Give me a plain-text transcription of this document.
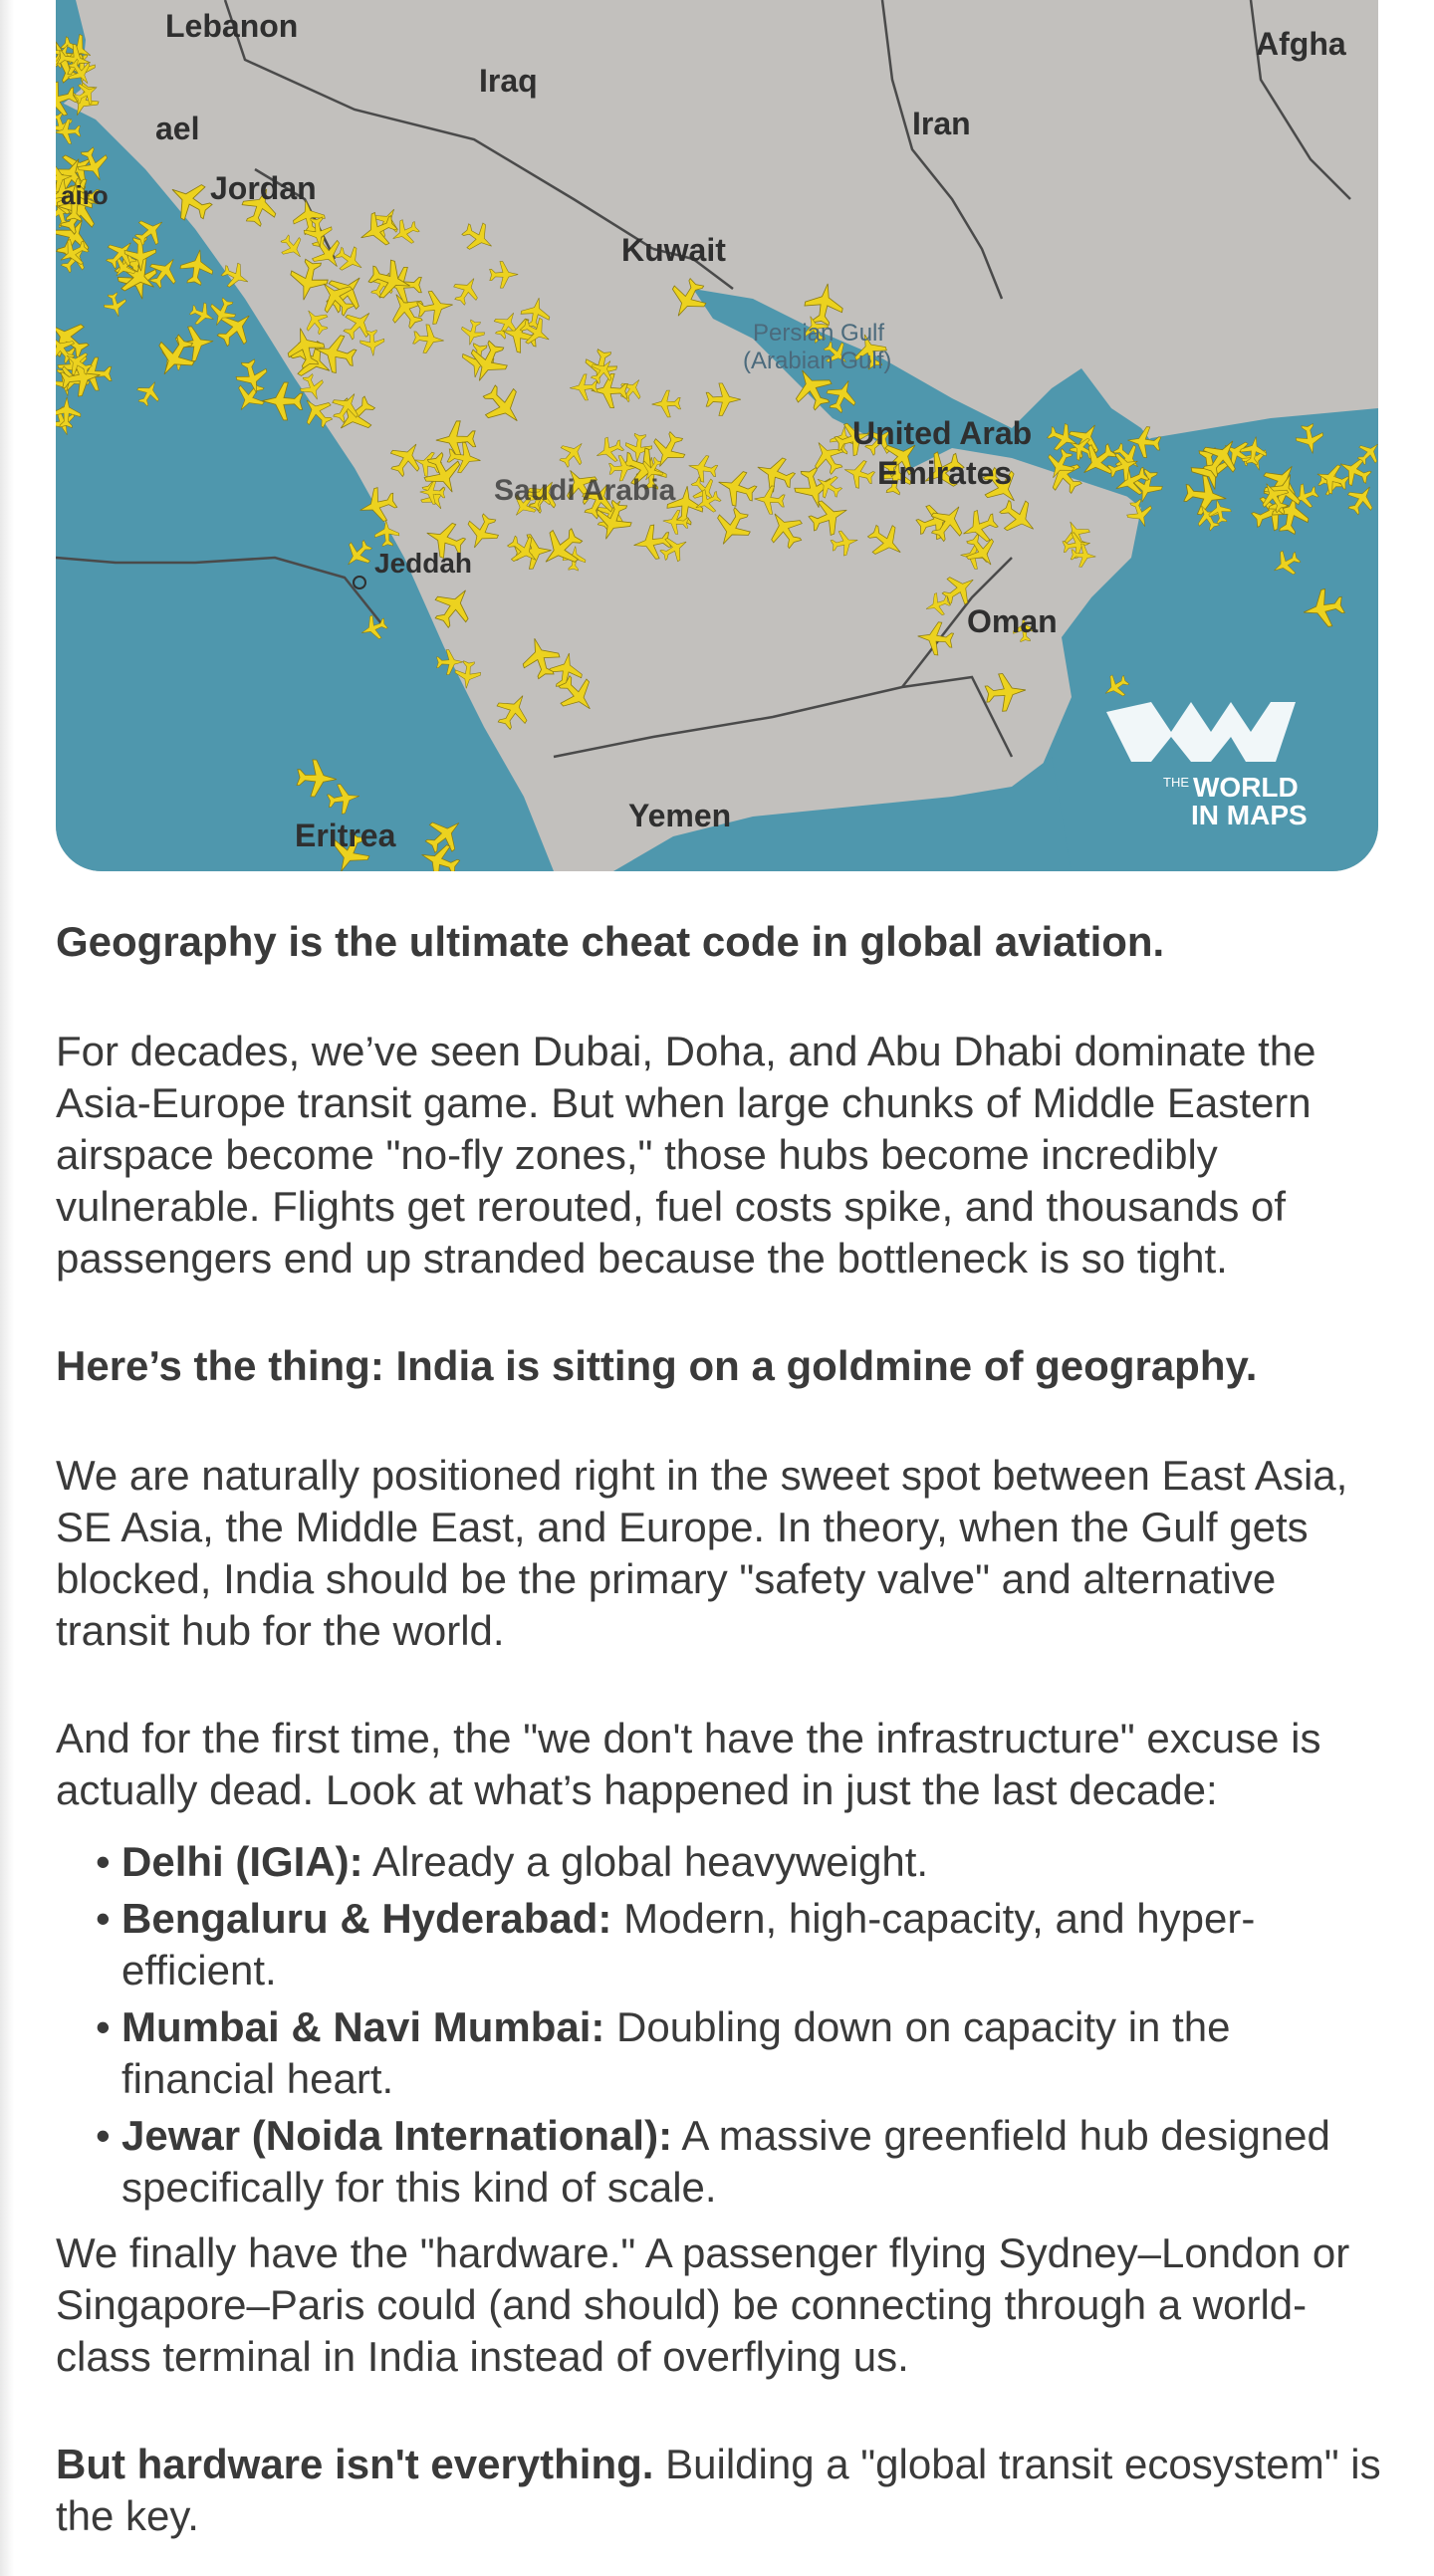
Lebanon
Iraq
Iran
Afgha
ael
airo	Jordan
Kuwait
Persian Gulf
(Arabian Gulf)
Saudi Arabia
United Arab
Emirates
Jeddah
Oman
Yemen
Eritrea
THE WORLD
IN MAPS

Geography is the ultimate cheat code in global aviation.

For decades, we’ve seen Dubai, Doha, and Abu Dhabi dominate the Asia-Europe transit game. But when large chunks of Middle Eastern airspace become "no-fly zones," those hubs become incredibly vulnerable. Flights get rerouted, fuel costs spike, and thousands of passengers end up stranded because the bottleneck is so tight.

Here’s the thing: India is sitting on a goldmine of geography.

We are naturally positioned right in the sweet spot between East Asia, SE Asia, the Middle East, and Europe. In theory, when the Gulf gets blocked, India should be the primary "safety valve" and alternative transit hub for the world.

And for the first time, the "we don't have the infrastructure" excuse is actually dead. Look at what’s happened in just the last decade:

• Delhi (IGIA): Already a global heavyweight.
• Bengaluru & Hyderabad: Modern, high-capacity, and hyper-efficient.
• Mumbai & Navi Mumbai: Doubling down on capacity in the financial heart.
• Jewar (Noida International): A massive greenfield hub designed specifically for this kind of scale.

We finally have the "hardware." A passenger flying Sydney–London or Singapore–Paris could (and should) be connecting through a world-class terminal in India instead of overflying us.

But hardware isn't everything. Building a "global transit ecosystem" is the key.
